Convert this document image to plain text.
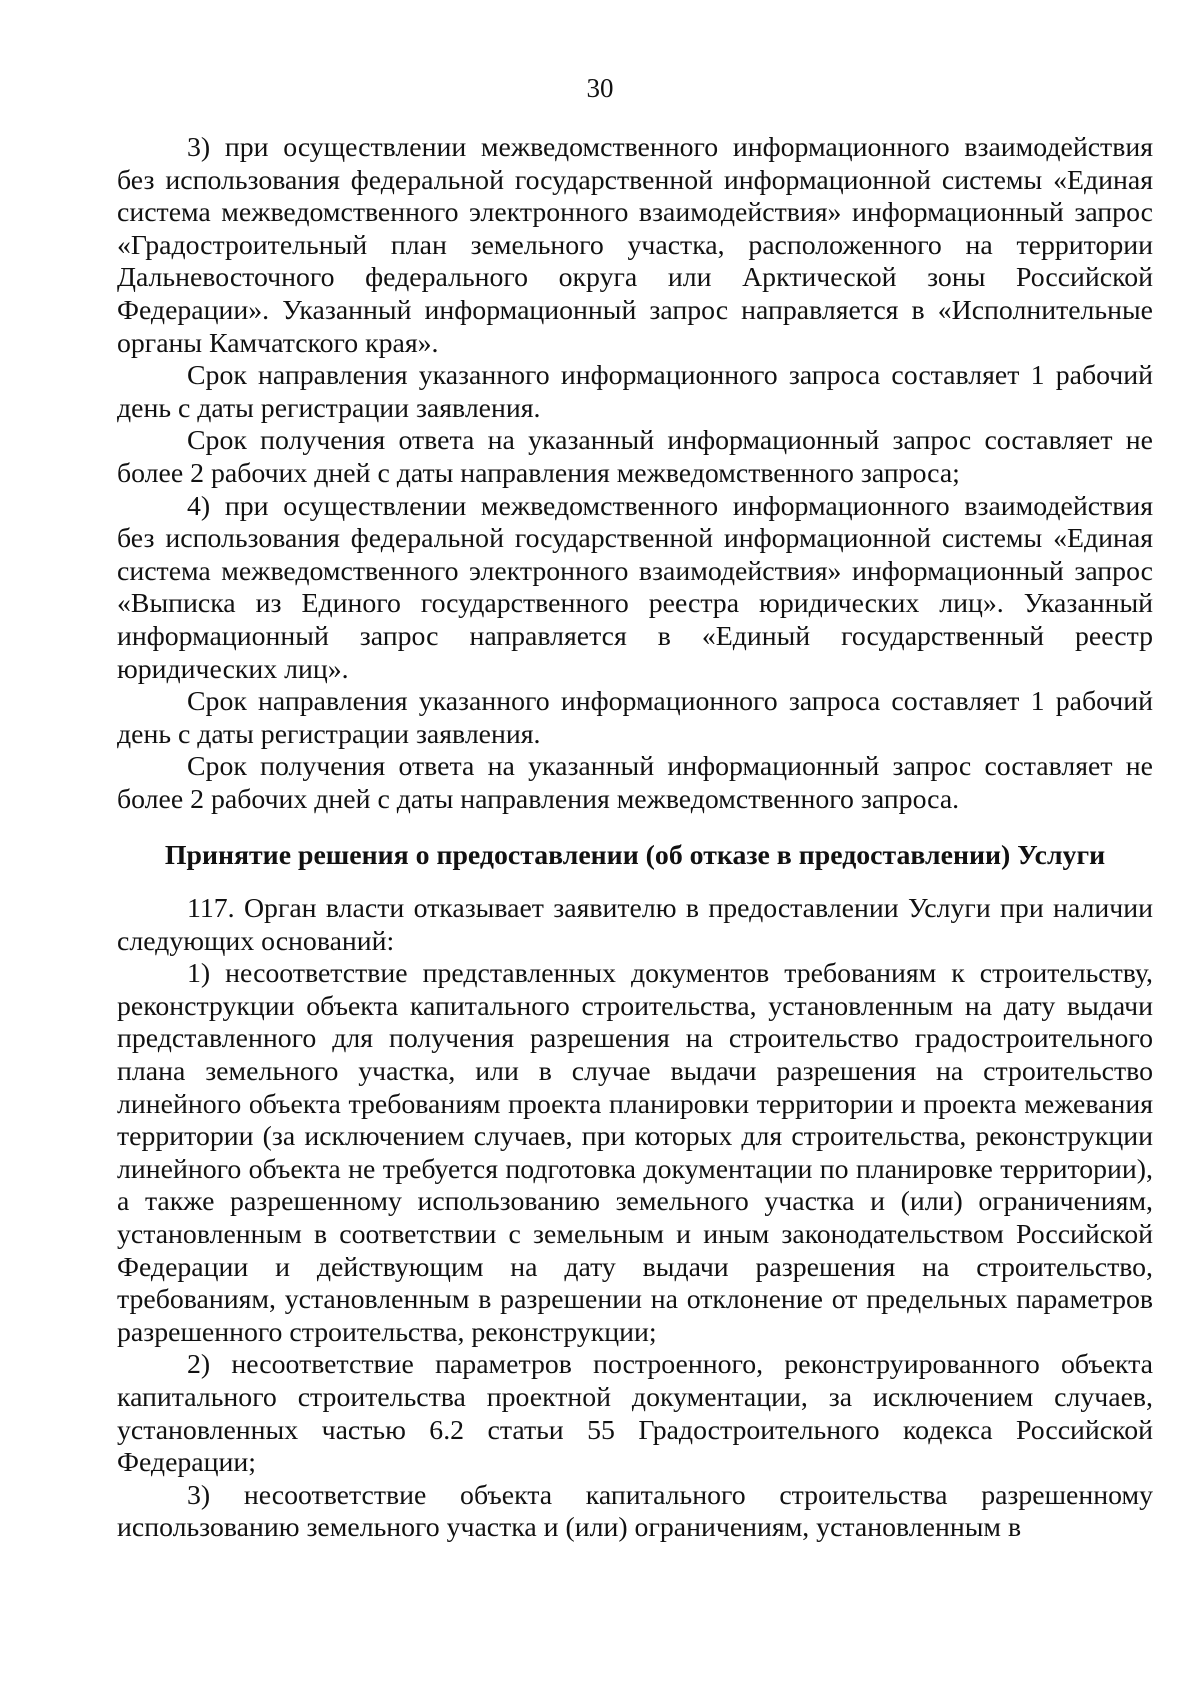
30

3) при осуществлении межведомственного информационного взаимодействия без использования федеральной государственной информационной системы «Единая система межведомственного электронного взаимодействия» информационный запрос «Градостроительный план земельного участка, расположенного на территории Дальневосточного федерального округа или Арктической зоны Российской Федерации». Указанный информационный запрос направляется в «Исполнительные органы Камчатского края».

Срок направления указанного информационного запроса составляет 1 рабочий день с даты регистрации заявления.

Срок получения ответа на указанный информационный запрос составляет не более 2 рабочих дней с даты направления межведомственного запроса;

4) при осуществлении межведомственного информационного взаимодействия без использования федеральной государственной информационной системы «Единая система межведомственного электронного взаимодействия» информационный запрос «Выписка из Единого государственного реестра юридических лиц». Указанный информационный запрос направляется в «Единый государственный реестр юридических лиц».

Срок направления указанного информационного запроса составляет 1 рабочий день с даты регистрации заявления.

Срок получения ответа на указанный информационный запрос составляет не более 2 рабочих дней с даты направления межведомственного запроса.

Принятие решения о предоставлении (об отказе в предоставлении) Услуги

117. Орган власти отказывает заявителю в предоставлении Услуги при наличии следующих оснований:

1) несоответствие представленных документов требованиям к строительству, реконструкции объекта капитального строительства, установленным на дату выдачи представленного для получения разрешения на строительство градостроительного плана земельного участка, или в случае выдачи разрешения на строительство линейного объекта требованиям проекта планировки территории и проекта межевания территории (за исключением случаев, при которых для строительства, реконструкции линейного объекта не требуется подготовка документации по планировке территории), а также разрешенному использованию земельного участка и (или) ограничениям, установленным в соответствии с земельным и иным законодательством Российской Федерации и действующим на дату выдачи разрешения на строительство, требованиям, установленным в разрешении на отклонение от предельных параметров разрешенного строительства, реконструкции;

2) несоответствие параметров построенного, реконструированного объекта капитального строительства проектной документации, за исключением случаев, установленных частью 6.2 статьи 55 Градостроительного кодекса Российской Федерации;

3) несоответствие объекта капитального строительства разрешенному использованию земельного участка и (или) ограничениям, установленным в
